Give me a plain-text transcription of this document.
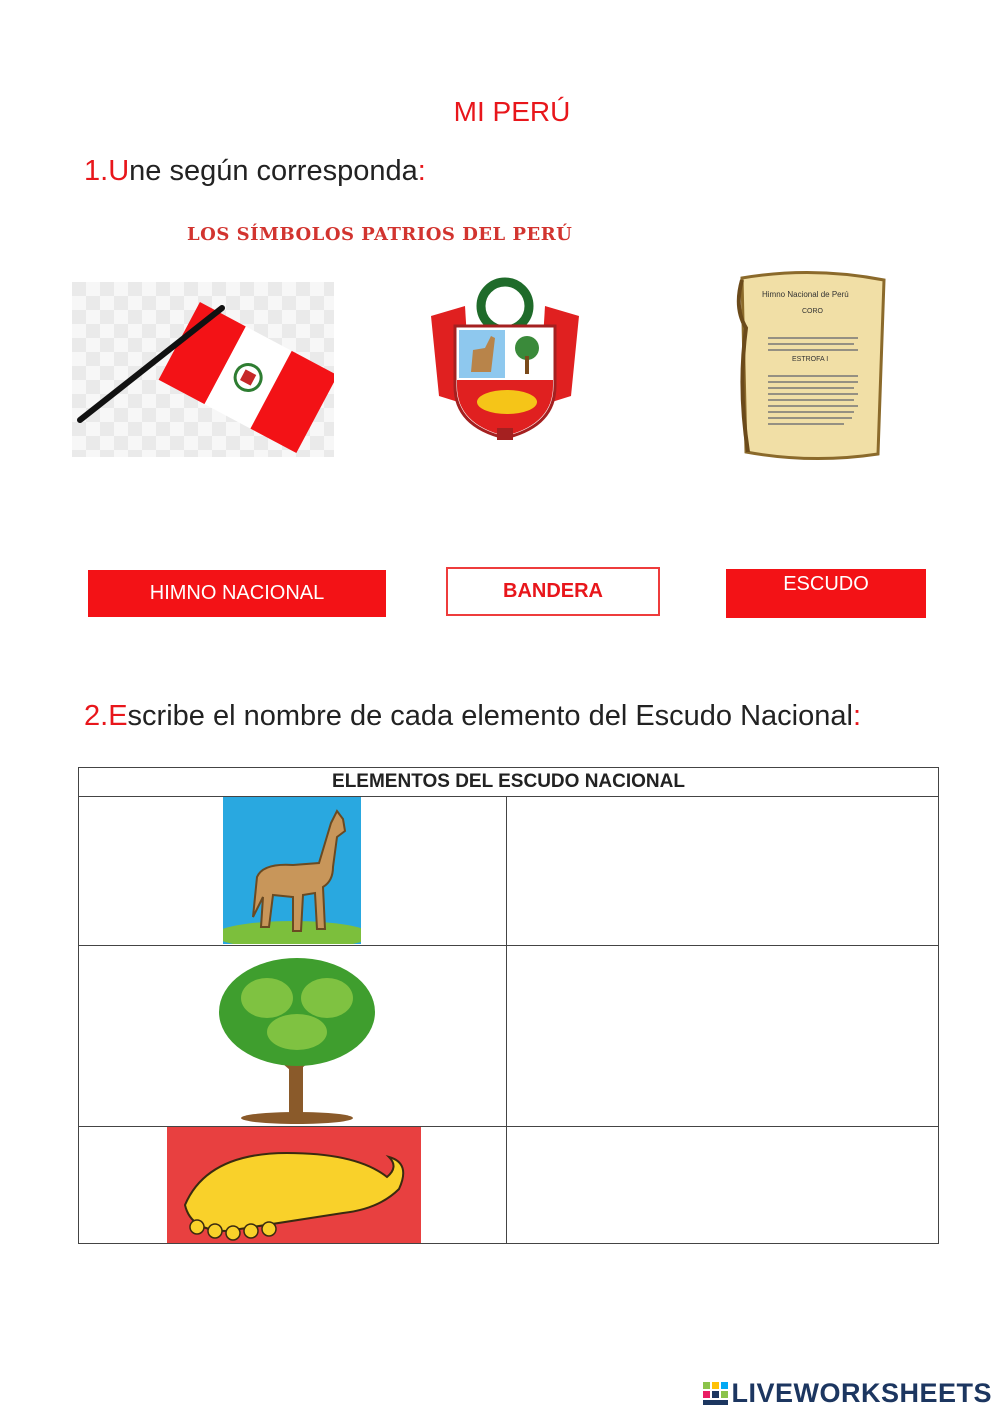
MI PERÚ
1.Une según corresponda:
LOS SÍMBOLOS PATRIOS DEL PERÚ
Himno Nacional de Perú
CORO
ESTROFA I
HIMNO NACIONAL	BANDERA	ESCUDO
2.Escribe el nombre de cada elemento del Escudo Nacional:
ELEMENTOS DEL ESCUDO NACIONAL	

LIVEWORKSHEETS
